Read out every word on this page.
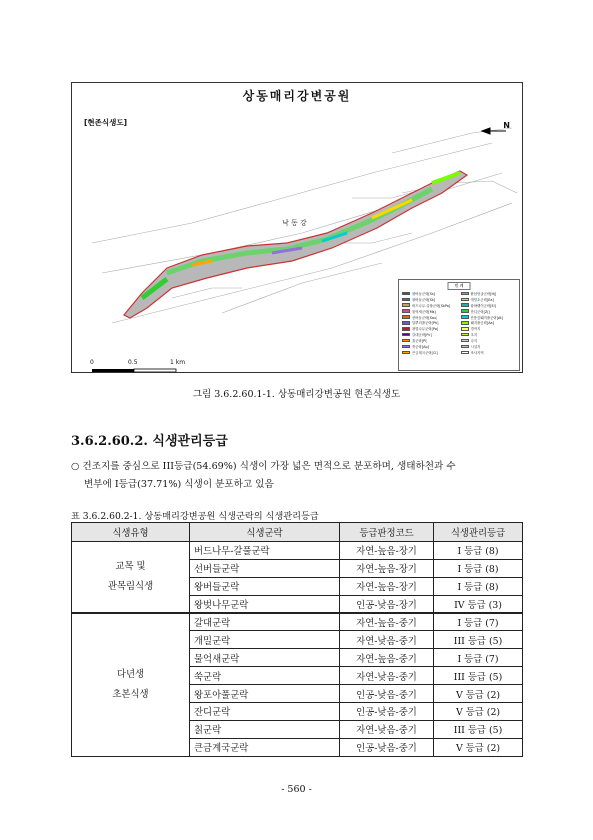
상동매리강변공원
[현존식생도]	N
낙 동 강
0	0.5	1 km
범 례
왕버들군락[Ss]	환삼덩굴군락[Hj]
왕버들군락[Sk]	개망초군락[Ea]
버드나무-갈풀군락[SkPa]	왕바랭이군락[Ei]
물억새군락[Ms]	잔디군락[Zj]
선버들군락[Sau]	단풍잎돼지풀군락[At]
달뿌리풀군락[Ph]	돼지풀군락[Aa]
왕빛나무군락[Po]	경작지
갈대군락[Pc]	초지
칡군락[Pl]	나지
쑥군락[Ap]	시설지
큰금계국군락[Cl]	조사지역
그림 3.6.2.60.1-1. 상동매리강변공원 현존식생도
3.6.2.60.2. 식생관리등급
○ 건조지를 중심으로 III등급(54.69%) 식생이 가장 넓은 면적으로 분포하며, 생태하천과 수
변부에 I등급(37.71%) 식생이 분포하고 있음
표 3.6.2.60.2-1. 상동매리강변공원 식생군락의 식생관리등급
식생유형	식생군락	등급판정코드	식생관리등급

교목 및
관목림식생	버드나무-갈풀군락	자연-높음-장기	I 등급 (8)
	선버들군락	자연-높음-장기	I 등급 (8)
	왕버들군락	자연-높음-장기	I 등급 (8)
	왕벚나무군락	인공-낮음-장기	IV 등급 (3)

다년생
초본식생	갈대군락	자연-높음-중기	I 등급 (7)
	개밀군락	자연-낮음-중기	III 등급 (5)
	물억새군락	자연-높음-중기	I 등급 (7)
	쑥군락	자연-낮음-중기	III 등급 (5)
	왕포아풀군락	인공-낮음-중기	V 등급 (2)
	잔디군락	인공-낮음-중기	V 등급 (2)
	칡군락	자연-낮음-중기	III 등급 (5)
	큰금계국군락	인공-낮음-중기	V 등급 (2)
- 560 -
